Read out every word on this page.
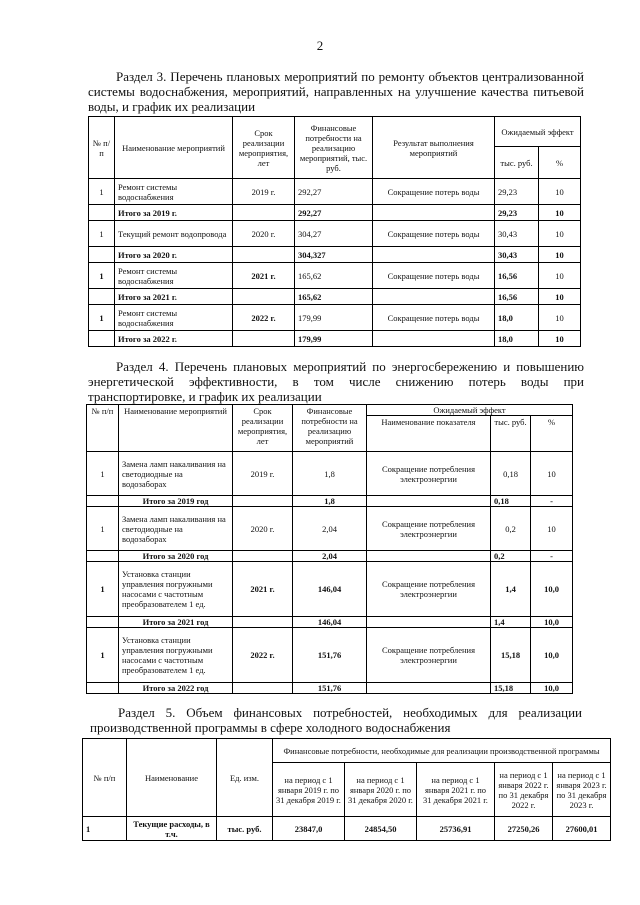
2
Раздел 3. Перечень плановых мероприятий по ремонту объектов централизованной системы водоснабжения, мероприятий, направленных на улучшение качества питьевой воды, и график их реализации
№ п/ п	Наименование мероприятий	Срок реализации мероприятия, лет	Финансовые потребности на реализацию мероприятий, тыс. руб.	Результат выполнения мероприятий	Ожидаемый эффект	
					тыс. руб.	%
1	Ремонт системы водоснабжения	2019 г.	292,27	Сокращение потерь воды	29,23	10
	Итого за 2019 г.		292,27		29,23	10
1	Текущий ремонт водопровода	2020 г.	304,27	Сокращение потерь воды	30,43	10
	Итого за 2020 г.		304,327		30,43	10
1	Ремонт системы водоснабжения	2021 г.	165,62	Сокращение потерь воды	16,56	10
	Итого за 2021 г.		165,62		16,56	10
1	Ремонт системы водоснабжения	2022 г.	179,99	Сокращение потерь воды	18,0	10
	Итого за 2022 г.		179,99		18,0	10
Раздел 4. Перечень плановых мероприятий по энергосбережению и повышению энергетической эффективности, в том числе снижению потерь воды при транспортировке, и график их реализации
№ п/п	Наименование мероприятий	Срок реализации мероприятия, лет	Финансовые потребности на реализацию мероприятий	Ожидаемый эффект		
				Наименование показателя	тыс. руб.	%
1	Замена ламп накаливания на светодиодные на водозаборах	2019 г.	1,8	Сокращение потребления электроэнергии	0,18	10
	Итого за 2019 год		1,8		0,18	-
1	Замена ламп накаливания на светодиодные на водозаборах	2020 г.	2,04	Сокращение потребления электроэнергии	0,2	10
	Итого за 2020 год		2,04		0,2	-
1	Установка станции управления погружными насосами с частотным преобразователем 1 ед.	2021 г.	146,04	Сокращение потребления электроэнергии	1,4	10,0
	Итого за 2021 год		146,04		1,4	10,0
1	Установка станции управления погружными насосами с частотным преобразователем 1 ед.	2022 г.	151,76	Сокращение потребления электроэнергии	15,18	10,0
	Итого за 2022 год		151,76		15,18	10,0
Раздел 5. Объем финансовых потребностей, необходимых для реализации производственной программы в сфере холодного водоснабжения
№ п/п	Наименование	Ед. изм.	Финансовые потребности, необходимые для реализации производственной программы				
			на период с 1 января 2019 г. по 31 декабря 2019 г.	на период с 1 января 2020 г. по 31 декабря 2020 г.	на период с 1 января 2021 г. по 31 декабря 2021 г.	на период с 1 января 2022 г. по 31 декабря 2022 г.	на период с 1 января 2023 г. по 31 декабря 2023 г.
1	Текущие расходы, в т.ч.	тыс. руб.	23847,0	24854,50	25736,91	27250,26	27600,01
